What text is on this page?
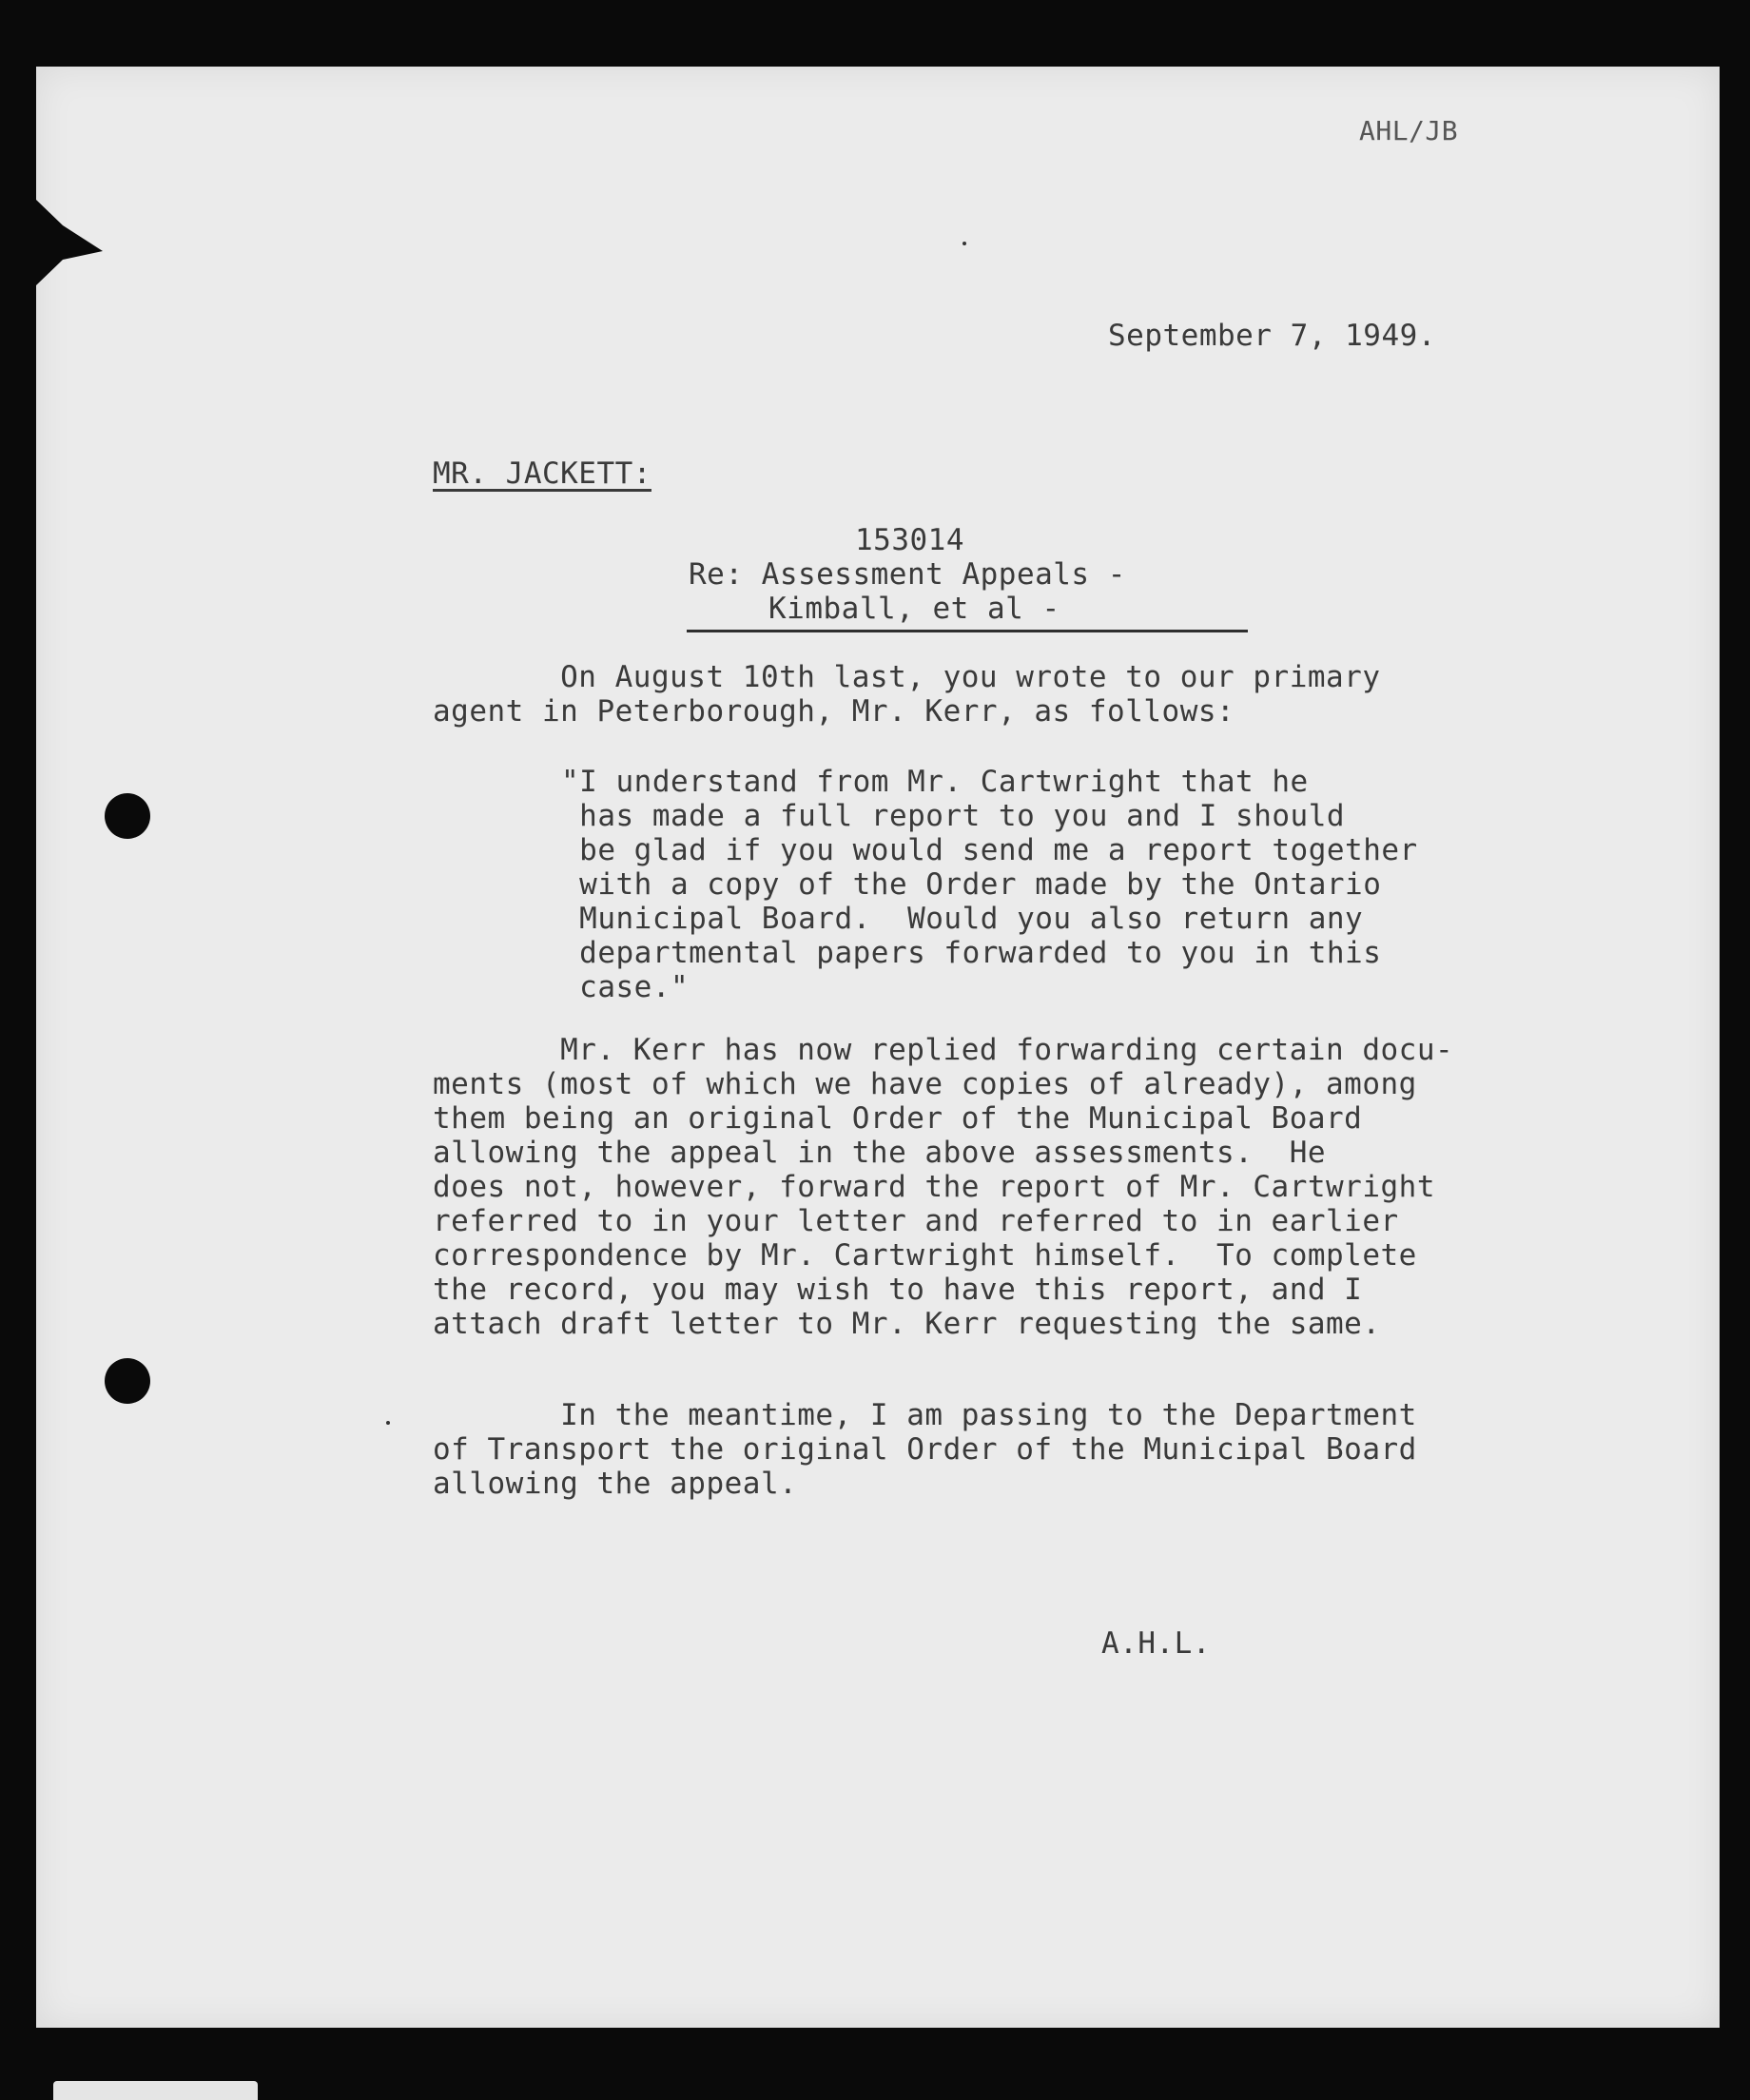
AHL/JB
September 7, 1949.
MR. JACKETT:
153014
Re: Assessment Appeals -
Kimball, et al -
On August 10th last, you wrote to our primary
agent in Peterborough, Mr. Kerr, as follows:
"I understand from Mr. Cartwright that he
has made a full report to you and I should
be glad if you would send me a report together
with a copy of the Order made by the Ontario
Municipal Board.  Would you also return any
departmental papers forwarded to you in this
case."
Mr. Kerr has now replied forwarding certain docu-
ments (most of which we have copies of already), among
them being an original Order of the Municipal Board
allowing the appeal in the above assessments.  He
does not, however, forward the report of Mr. Cartwright
referred to in your letter and referred to in earlier
correspondence by Mr. Cartwright himself.  To complete
the record, you may wish to have this report, and I
attach draft letter to Mr. Kerr requesting the same.
In the meantime, I am passing to the Department
of Transport the original Order of the Municipal Board
allowing the appeal.
A.H.L.
